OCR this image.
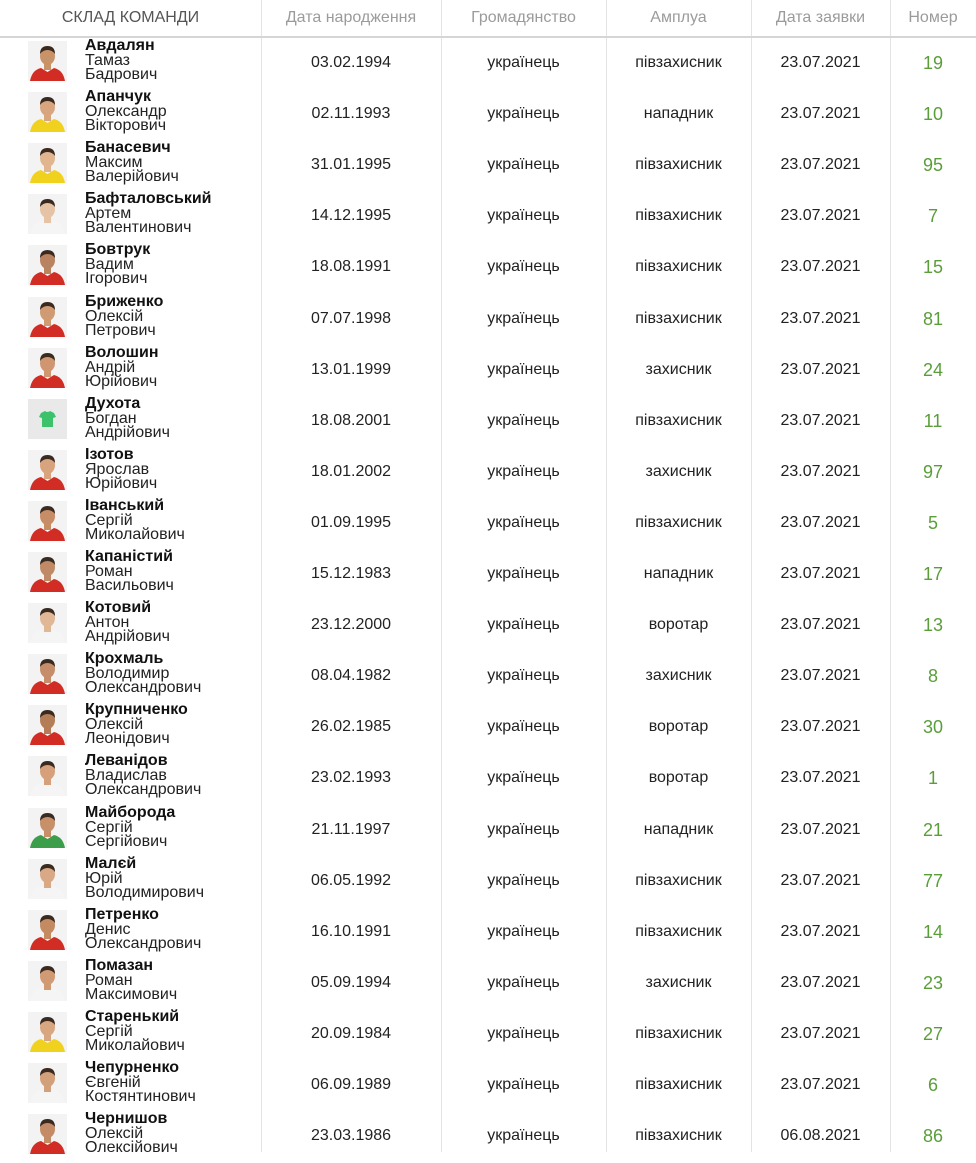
СКЛАД КОМАНДИ	Дата народження	Громадянство	Амплуа	Дата заявки	Номер
Авдалян
Тамаз
Бадрович
03.02.1994	українець	півзахисник	23.07.2021	19
Апанчук
Олександр
Вікторович
02.11.1993	українець	нападник	23.07.2021	10
Банасевич
Максим
Валерійович
31.01.1995	українець	півзахисник	23.07.2021	95
Бафталовський
Артем
Валентинович
14.12.1995	українець	півзахисник	23.07.2021	7
Бовтрук
Вадим
Ігорович
18.08.1991	українець	півзахисник	23.07.2021	15
Бриженко
Олексій
Петрович
07.07.1998	українець	півзахисник	23.07.2021	81
Волошин
Андрій
Юрійович
13.01.1999	українець	захисник	23.07.2021	24
Духота
Богдан
Андрійович
18.08.2001	українець	півзахисник	23.07.2021	11
Ізотов
Ярослав
Юрійович
18.01.2002	українець	захисник	23.07.2021	97
Іванський
Сергій
Миколайович
01.09.1995	українець	півзахисник	23.07.2021	5
Капаністий
Роман
Васильович
15.12.1983	українець	нападник	23.07.2021	17
Котовий
Антон
Андрійович
23.12.2000	українець	воротар	23.07.2021	13
Крохмаль
Володимир
Олександрович
08.04.1982	українець	захисник	23.07.2021	8
Крупниченко
Олексій
Леонідович
26.02.1985	українець	воротар	23.07.2021	30
Леванідов
Владислав
Олександрович
23.02.1993	українець	воротар	23.07.2021	1
Майборода
Сергій
Сергійович
21.11.1997	українець	нападник	23.07.2021	21
Малєй
Юрій
Володимирович
06.05.1992	українець	півзахисник	23.07.2021	77
Петренко
Денис
Олександрович
16.10.1991	українець	півзахисник	23.07.2021	14
Помазан
Роман
Максимович
05.09.1994	українець	захисник	23.07.2021	23
Старенький
Сергій
Миколайович
20.09.1984	українець	півзахисник	23.07.2021	27
Чепурненко
Євгеній
Костянтинович
06.09.1989	українець	півзахисник	23.07.2021	6
Чернишов
Олексій
Олексійович
23.03.1986	українець	півзахисник	06.08.2021	86
